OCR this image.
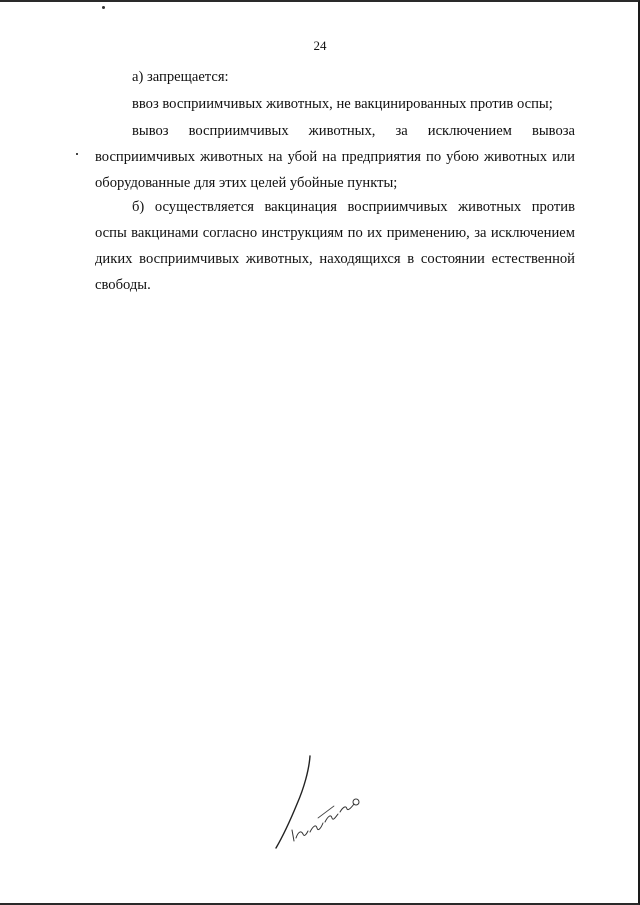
24

а) запрещается:

ввоз восприимчивых животных, не вакцинированных против оспы;

вывоз восприимчивых животных, за исключением вывоза восприимчивых животных на убой на предприятия по убою животных или оборудованные для этих целей убойные пункты;

б) осуществляется вакцинация восприимчивых животных против оспы вакцинами согласно инструкциям по их применению, за исключением диких восприимчивых животных, находящихся в состоянии естественной свободы.
